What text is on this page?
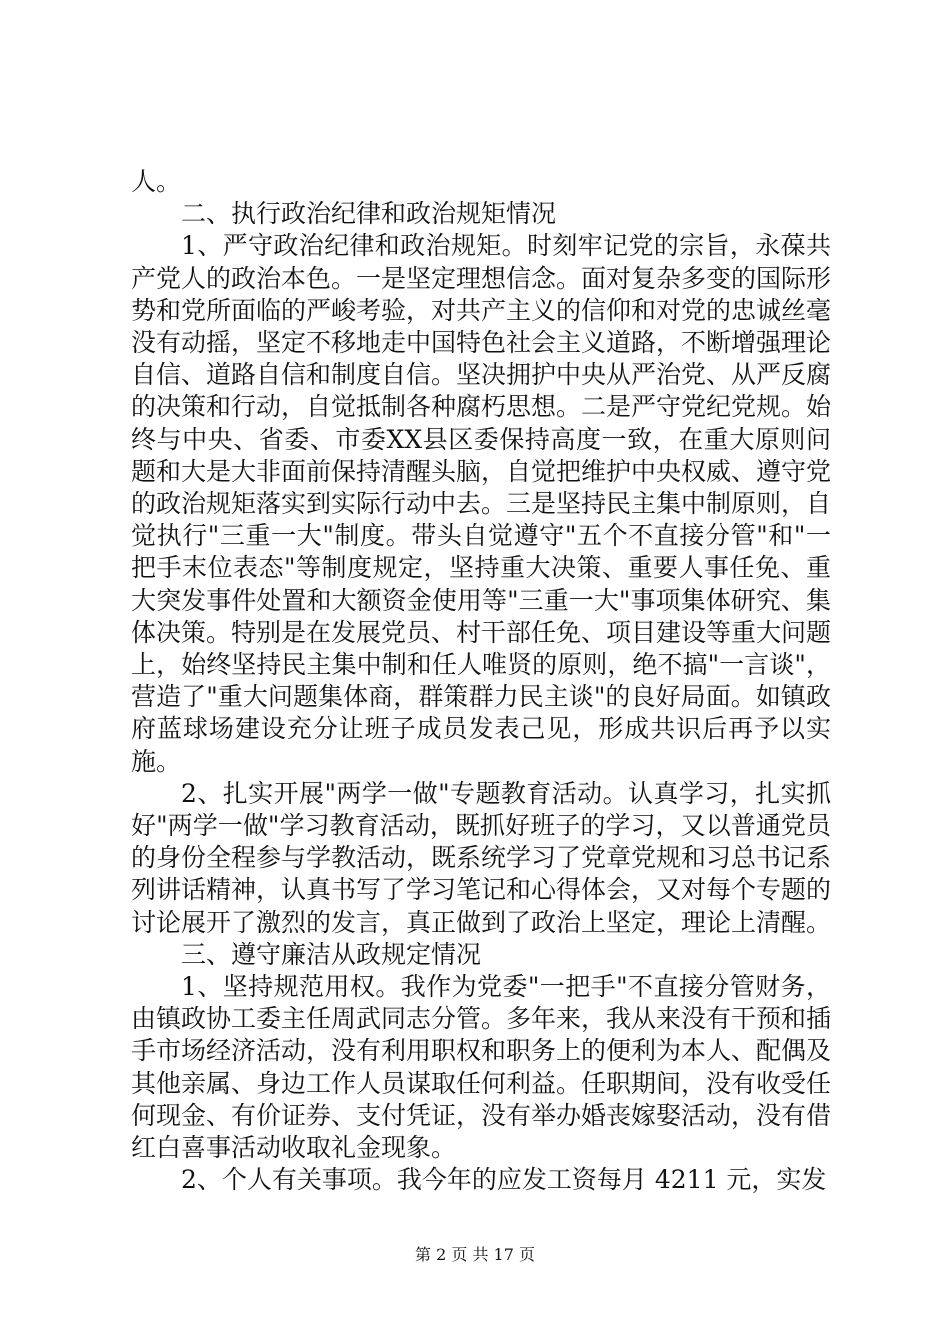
人。

二、执行政治纪律和政治规矩情况

1、严守政治纪律和政治规矩。时刻牢记党的宗旨，永葆共产党人的政治本色。一是坚定理想信念。面对复杂多变的国际形势和党所面临的严峻考验，对共产主义的信仰和对党的忠诚丝毫没有动摇，坚定不移地走中国特色社会主义道路，不断增强理论自信、道路自信和制度自信。坚决拥护中央从严治党、从严反腐的决策和行动，自觉抵制各种腐朽思想。二是严守党纪党规。始终与中央、省委、市委XX县区委保持高度一致，在重大原则问题和大是大非面前保持清醒头脑，自觉把维护中央权威、遵守党的政治规矩落实到实际行动中去。三是坚持民主集中制原则，自觉执行"三重一大"制度。带头自觉遵守"五个不直接分管"和"一把手末位表态"等制度规定，坚持重大决策、重要人事任免、重大突发事件处置和大额资金使用等"三重一大"事项集体研究、集体决策。特别是在发展党员、村干部任免、项目建设等重大问题上，始终坚持民主集中制和任人唯贤的原则，绝不搞"一言谈"，营造了"重大问题集体商，群策群力民主谈"的良好局面。如镇政府蓝球场建设充分让班子成员发表己见，形成共识后再予以实施。

2、扎实开展"两学一做"专题教育活动。认真学习，扎实抓好"两学一做"学习教育活动，既抓好班子的学习，又以普通党员的身份全程参与学教活动，既系统学习了党章党规和习总书记系列讲话精神，认真书写了学习笔记和心得体会，又对每个专题的讨论展开了激烈的发言，真正做到了政治上坚定，理论上清醒。

三、遵守廉洁从政规定情况

1、坚持规范用权。我作为党委"一把手"不直接分管财务，由镇政协工委主任周武同志分管。多年来，我从来没有干预和插手市场经济活动，没有利用职权和职务上的便利为本人、配偶及其他亲属、身边工作人员谋取任何利益。任职期间，没有收受任何现金、有价证券、支付凭证，没有举办婚丧嫁娶活动，没有借红白喜事活动收取礼金现象。

2、个人有关事项。我今年的应发工资每月 4211 元，实发

第 2 页 共 17 页
